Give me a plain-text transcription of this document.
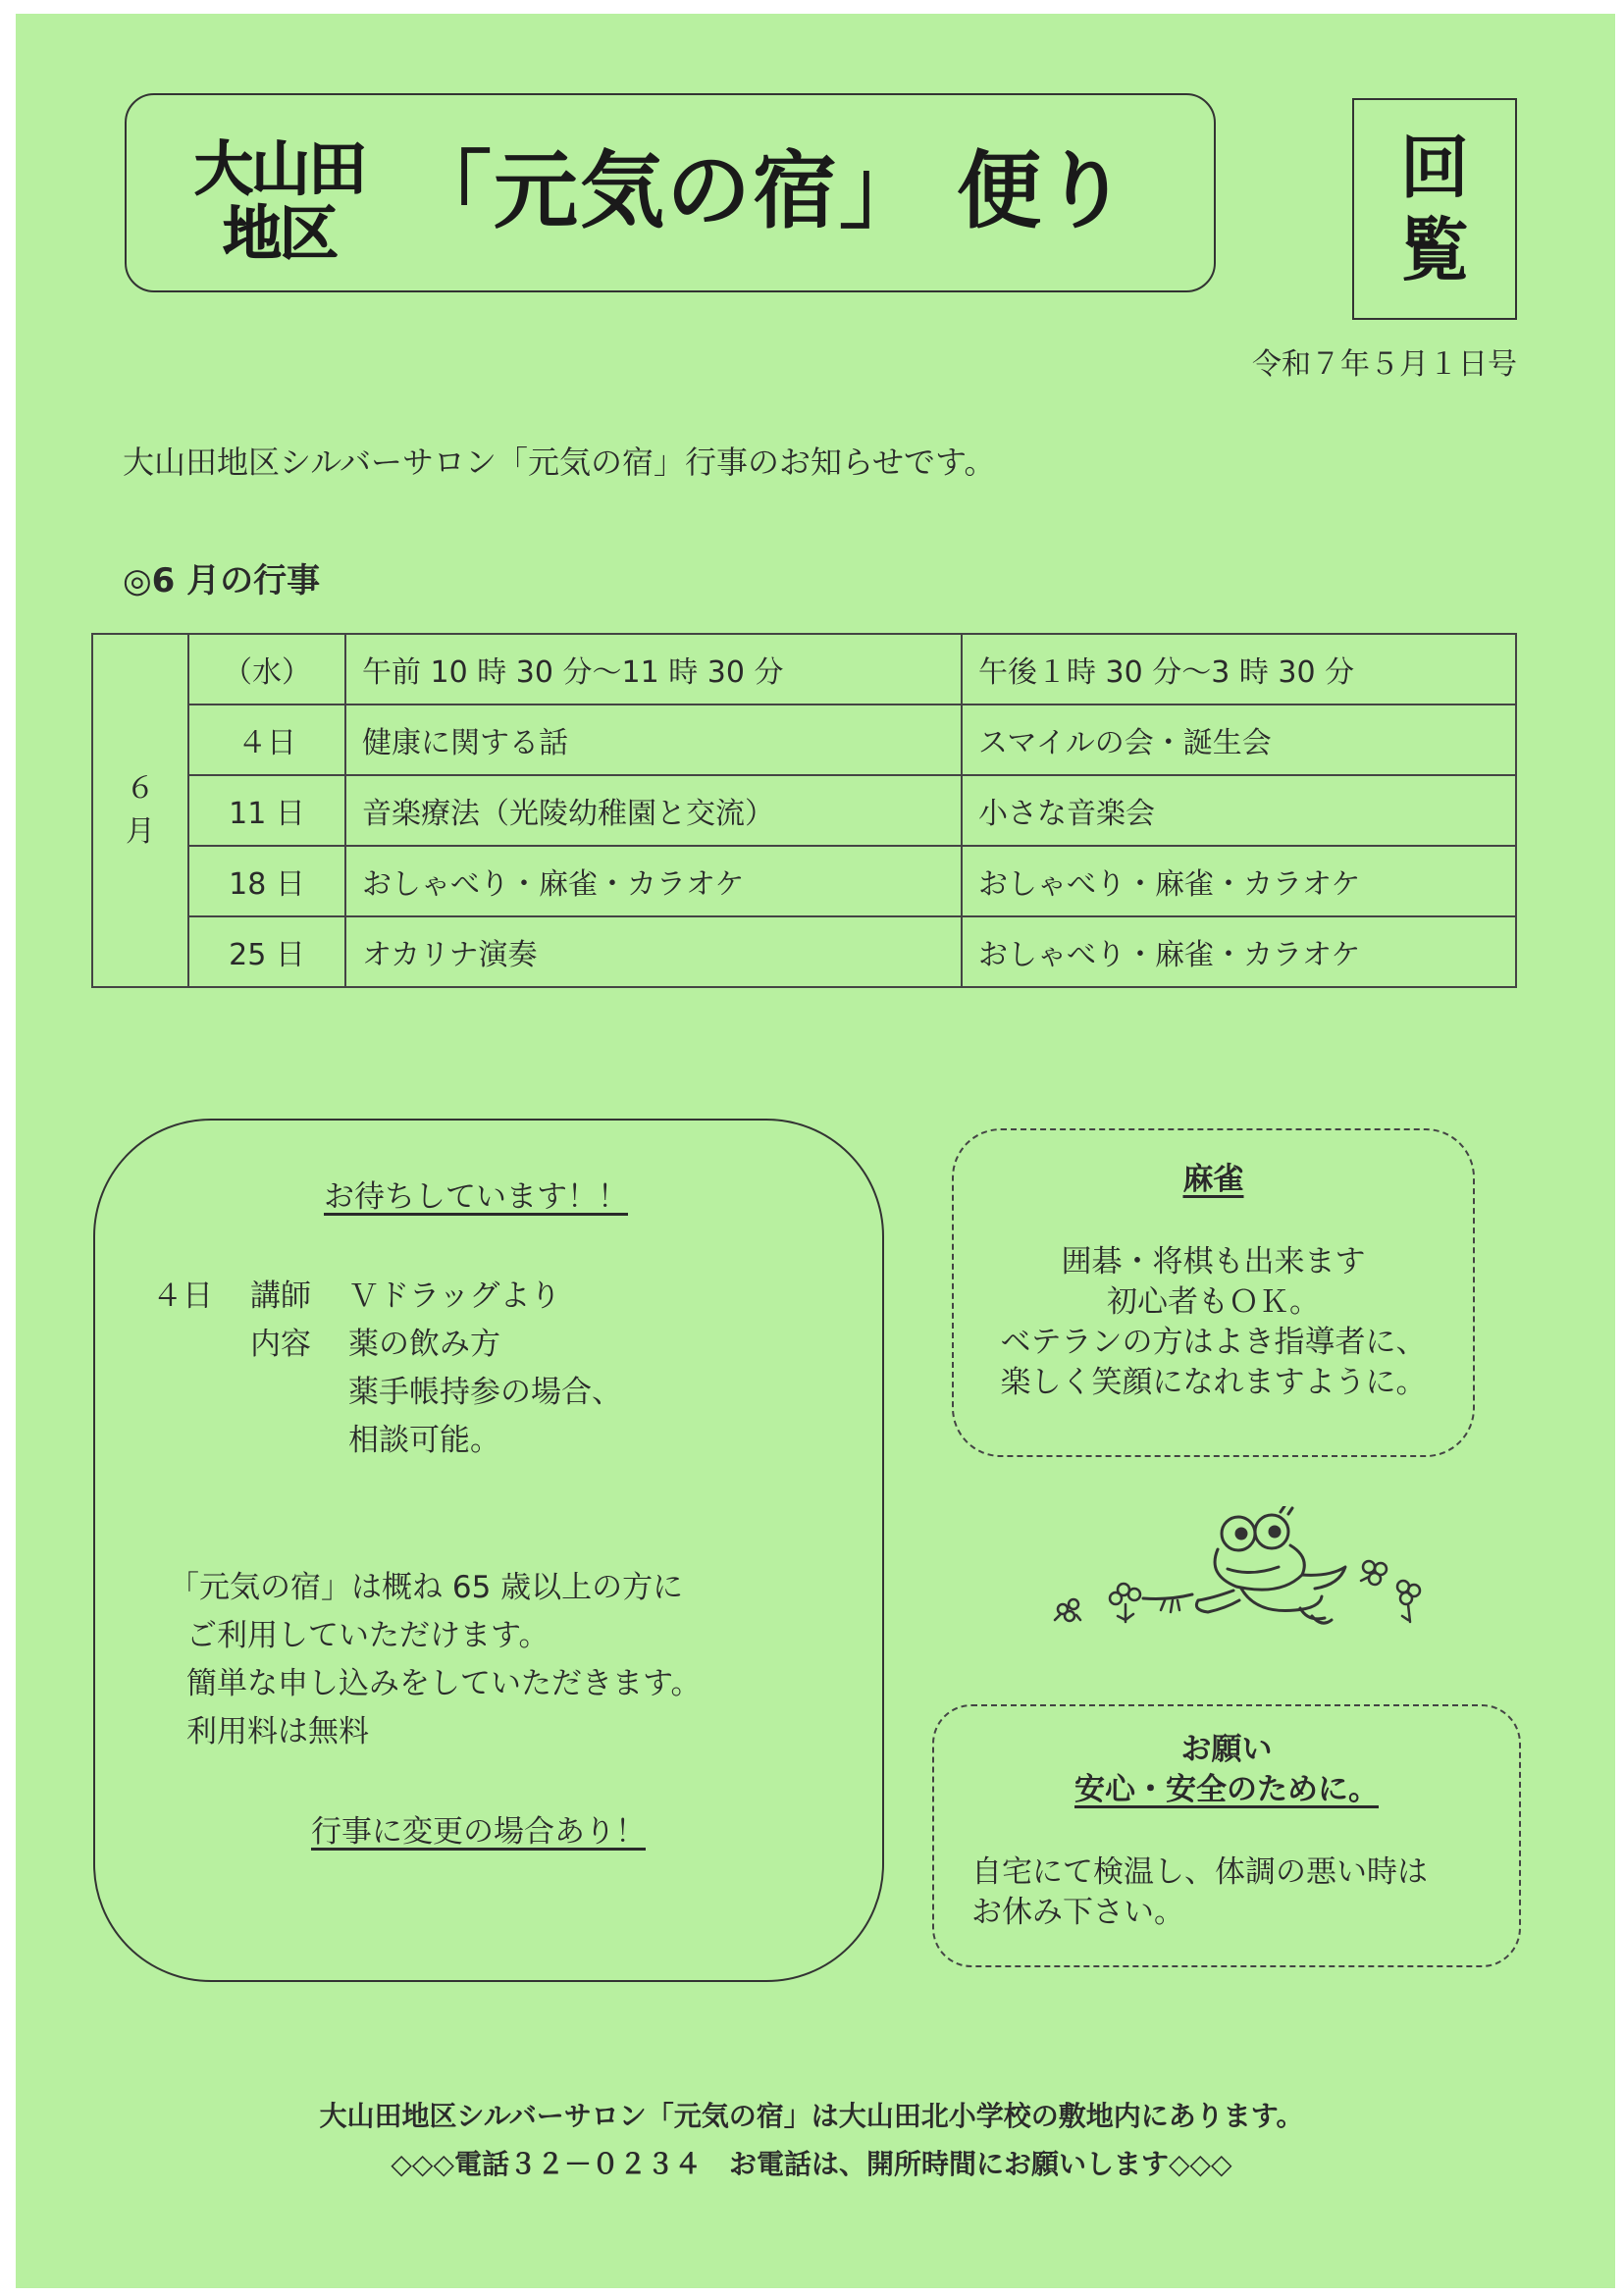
大山田
地区 「元気の宿」 便り	回
覧
令和７年５月１日号
大山田地区シルバーサロン「元気の宿」行事のお知らせです。
◎6 月の行事
６
月	（水）	午前 10 時 30 分～11 時 30 分	午後１時 30 分～3 時 30 分
	４日	健康に関する話	スマイルの会・誕生会
	11 日	音楽療法（光陵幼稚園と交流）	小さな音楽会
	18 日	おしゃべり・麻雀・カラオケ	おしゃべり・麻雀・カラオケ
	25 日	オカリナ演奏	おしゃべり・麻雀・カラオケ
お待ちしています！！
４日 講師 Ｖドラッグより
内容 薬の飲み方
薬手帳持参の場合、
相談可能。
「元気の宿」は概ね 65 歳以上の方に
ご利用していただけます。
簡単な申し込みをしていただきます。
利用料は無料
行事に変更の場合あり！
麻雀
囲碁・将棋も出来ます
初心者もＯＫ。
ベテランの方はよき指導者に、
楽しく笑顔になれますように。
お願い
安心・安全のために。
自宅にて検温し、体調の悪い時は
お休み下さい。
大山田地区シルバーサロン「元気の宿」は大山田北小学校の敷地内にあります。
◇◇◇電話３２－０２３４　お電話は、開所時間にお願いします◇◇◇
